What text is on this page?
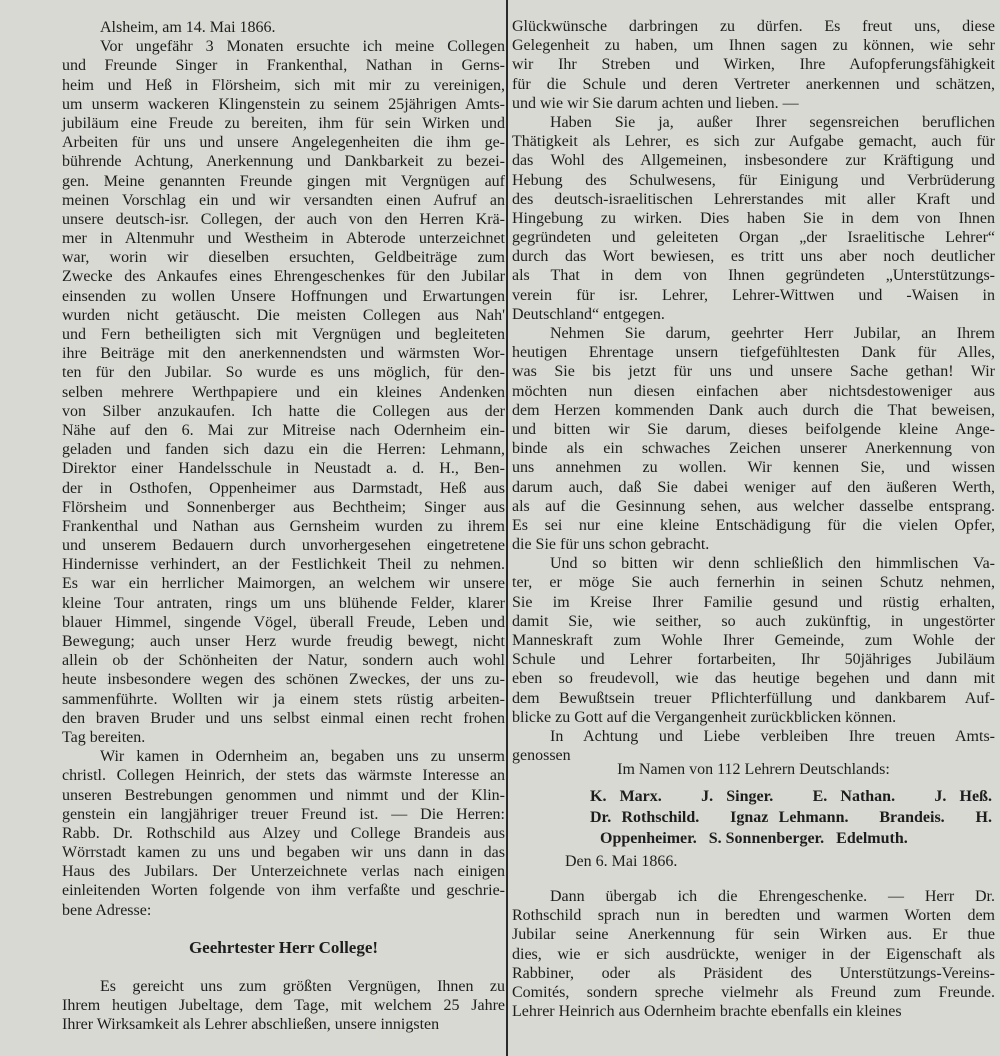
Alsheim, am 14. Mai 1866.
Vor ungefähr 3 Monaten ersuchte ich meine Collegen
und Freunde Singer in Frankenthal, Nathan in Gerns-
heim und Heß in Flörsheim, sich mit mir zu vereinigen,
um unserm wackeren Klingenstein zu seinem 25jährigen Amts-
jubiläum eine Freude zu bereiten, ihm für sein Wirken und
Arbeiten für uns und unsere Angelegenheiten die ihm ge-
bührende Achtung, Anerkennung und Dankbarkeit zu bezei-
gen. Meine genannten Freunde gingen mit Vergnügen auf
meinen Vorschlag ein und wir versandten einen Aufruf an
unsere deutsch-isr. Collegen, der auch von den Herren Krä-
mer in Altenmuhr und Westheim in Abterode unterzeichnet
war, worin wir dieselben ersuchten, Geldbeiträge zum
Zwecke des Ankaufes eines Ehrengeschenkes für den Jubilar
einsenden zu wollen Unsere Hoffnungen und Erwartungen
wurden nicht getäuscht. Die meisten Collegen aus Nah'
und Fern betheiligten sich mit Vergnügen und begleiteten
ihre Beiträge mit den anerkennendsten und wärmsten Wor-
ten für den Jubilar. So wurde es uns möglich, für den-
selben mehrere Werthpapiere und ein kleines Andenken
von Silber anzukaufen. Ich hatte die Collegen aus der
Nähe auf den 6. Mai zur Mitreise nach Odernheim ein-
geladen und fanden sich dazu ein die Herren: Lehmann,
Direktor einer Handelsschule in Neustadt a. d. H., Ben-
der in Osthofen, Oppenheimer aus Darmstadt, Heß aus
Flörsheim und Sonnenberger aus Bechtheim; Singer aus
Frankenthal und Nathan aus Gernsheim wurden zu ihrem
und unserem Bedauern durch unvorhergesehen eingetretene
Hindernisse verhindert, an der Festlichkeit Theil zu nehmen.
Es war ein herrlicher Maimorgen, an welchem wir unsere
kleine Tour antraten, rings um uns blühende Felder, klarer
blauer Himmel, singende Vögel, überall Freude, Leben und
Bewegung; auch unser Herz wurde freudig bewegt, nicht
allein ob der Schönheiten der Natur, sondern auch wohl
heute insbesondere wegen des schönen Zweckes, der uns zu-
sammenführte. Wollten wir ja einem stets rüstig arbeiten-
den braven Bruder und uns selbst einmal einen recht frohen
Tag bereiten.
Wir kamen in Odernheim an, begaben uns zu unserm
christl. Collegen Heinrich, der stets das wärmste Interesse an
unseren Bestrebungen genommen und nimmt und der Klin-
genstein ein langjähriger treuer Freund ist. — Die Herren:
Rabb. Dr. Rothschild aus Alzey und College Brandeis aus
Wörrstadt kamen zu uns und begaben wir uns dann in das
Haus des Jubilars. Der Unterzeichnete verlas nach einigen
einleitenden Worten folgende von ihm verfaßte und geschrie-
bene Adresse:
Geehrtester Herr College!
Es gereicht uns zum größten Vergnügen, Ihnen zu
Ihrem heutigen Jubeltage, dem Tage, mit welchem 25 Jahre
Ihrer Wirksamkeit als Lehrer abschließen, unsere innigsten
Glückwünsche darbringen zu dürfen. Es freut uns, diese
Gelegenheit zu haben, um Ihnen sagen zu können, wie sehr
wir Ihr Streben und Wirken, Ihre Aufopferungsfähigkeit
für die Schule und deren Vertreter anerkennen und schätzen,
und wie wir Sie darum achten und lieben. —
Haben Sie ja, außer Ihrer segensreichen beruflichen
Thätigkeit als Lehrer, es sich zur Aufgabe gemacht, auch für
das Wohl des Allgemeinen, insbesondere zur Kräftigung und
Hebung des Schulwesens, für Einigung und Verbrüderung
des deutsch-israelitischen Lehrerstandes mit aller Kraft und
Hingebung zu wirken. Dies haben Sie in dem von Ihnen
gegründeten und geleiteten Organ „der Israelitische Lehrer“
durch das Wort bewiesen, es tritt uns aber noch deutlicher
als That in dem von Ihnen gegründeten „Unterstützungs-
verein für isr. Lehrer, Lehrer-Wittwen und -Waisen in
Deutschland“ entgegen.
Nehmen Sie darum, geehrter Herr Jubilar, an Ihrem
heutigen Ehrentage unsern tiefgefühltesten Dank für Alles,
was Sie bis jetzt für uns und unsere Sache gethan! Wir
möchten nun diesen einfachen aber nichtsdestoweniger aus
dem Herzen kommenden Dank auch durch die That beweisen,
und bitten wir Sie darum, dieses beifolgende kleine Ange-
binde als ein schwaches Zeichen unserer Anerkennung von
uns annehmen zu wollen. Wir kennen Sie, und wissen
darum auch, daß Sie dabei weniger auf den äußeren Werth,
als auf die Gesinnung sehen, aus welcher dasselbe entsprang.
Es sei nur eine kleine Entschädigung für die vielen Opfer,
die Sie für uns schon gebracht.
Und so bitten wir denn schließlich den himmlischen Va-
ter, er möge Sie auch fernerhin in seinen Schutz nehmen,
Sie im Kreise Ihrer Familie gesund und rüstig erhalten,
damit Sie, wie seither, so auch zukünftig, in ungestörter
Manneskraft zum Wohle Ihrer Gemeinde, zum Wohle der
Schule und Lehrer fortarbeiten, Ihr 50jähriges Jubiläum
eben so freudevoll, wie das heutige begehen und dann mit
dem Bewußtsein treuer Pflichterfüllung und dankbarem Auf-
blicke zu Gott auf die Vergangenheit zurückblicken können.
In Achtung und Liebe verbleiben Ihre treuen Amts-
genossen
Im Namen von 112 Lehrern Deutschlands:
K. Marx.   J. Singer.   E. Nathan.   J. Heß.
Dr. Rothschild.   Ignaz Lehmann.   Brandeis.   H.
Oppenheimer.   S. Sonnenberger.   Edelmuth.
Den 6. Mai 1866.
Dann übergab ich die Ehrengeschenke. — Herr Dr.
Rothschild sprach nun in beredten und warmen Worten dem
Jubilar seine Anerkennung für sein Wirken aus. Er thue
dies, wie er sich ausdrückte, weniger in der Eigenschaft als
Rabbiner, oder als Präsident des Unterstützungs-Vereins-
Comités, sondern spreche vielmehr als Freund zum Freunde.
Lehrer Heinrich aus Odernheim brachte ebenfalls ein kleines
